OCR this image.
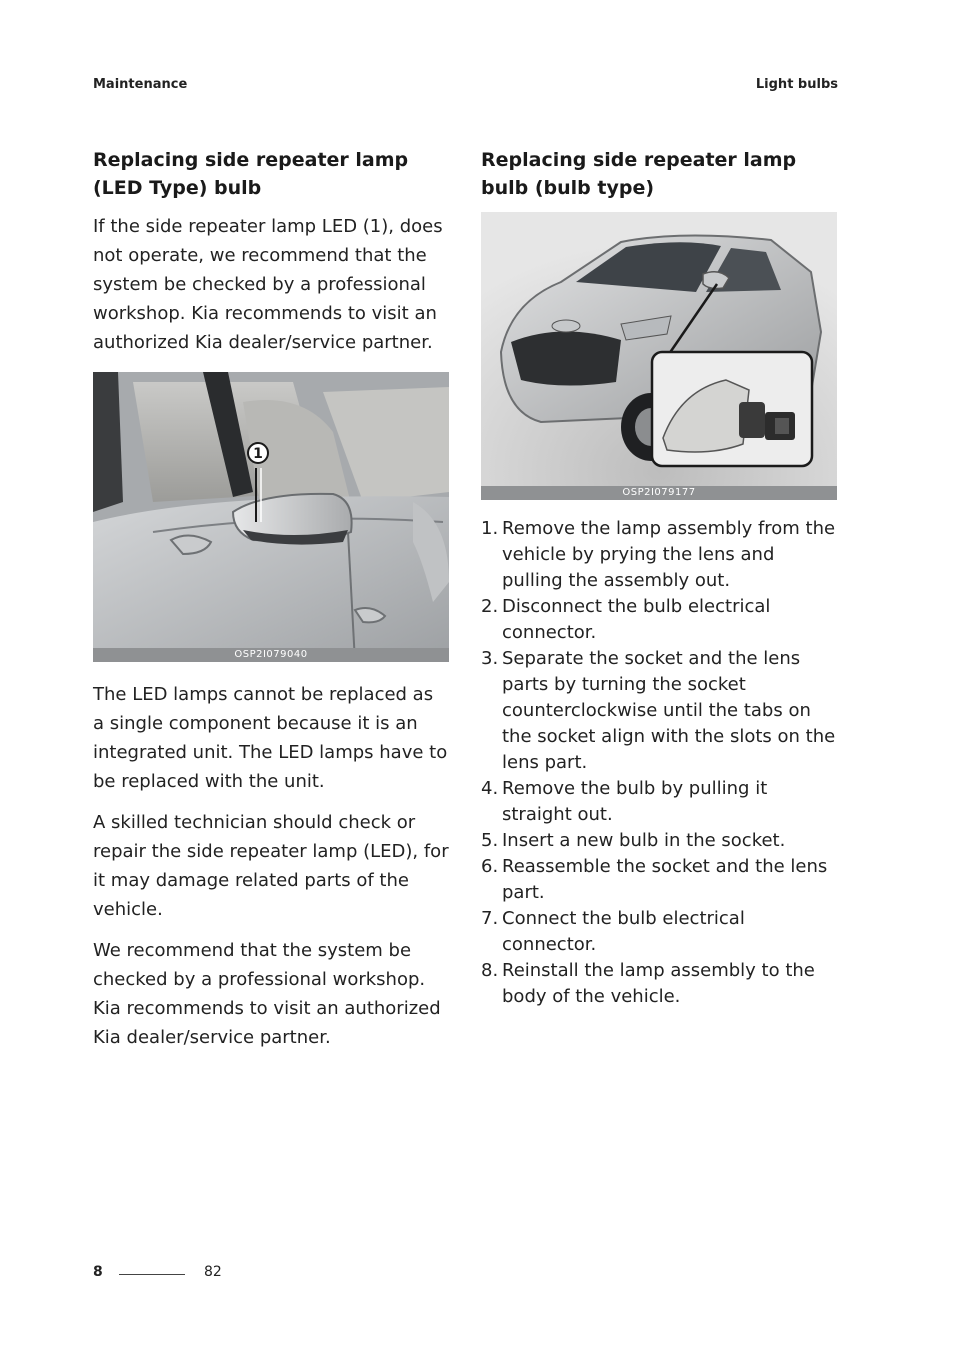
Maintenance	Light bulbs
Replacing side repeater lamp (LED Type) bulb

If the side repeater lamp LED (1), does not operate, we recommend that the system be checked by a professional workshop. Kia recommends to visit an authorized Kia dealer/service partner.

1
OSP2I079040

The LED lamps cannot be replaced as a single component because it is an integrated unit. The LED lamps have to be replaced with the unit.

A skilled technician should check or repair the side repeater lamp (LED), for it may damage related parts of the vehicle.

We recommend that the system be checked by a professional workshop. Kia recommends to visit an authorized Kia dealer/service partner.

Replacing side repeater lamp bulb (bulb type)
OSP2I079177
1. Remove the lamp assembly from the vehicle by prying the lens and pulling the assembly out.
2. Disconnect the bulb electrical connector.
3. Separate the socket and the lens parts by turning the socket counterclockwise until the tabs on the socket align with the slots on the lens part.
4. Remove the bulb by pulling it straight out.
5. Insert a new bulb in the socket.
6. Reassemble the socket and the lens part.
7. Connect the bulb electrical connector.
8. Reinstall the lamp assembly to the body of the vehicle.
8	82
